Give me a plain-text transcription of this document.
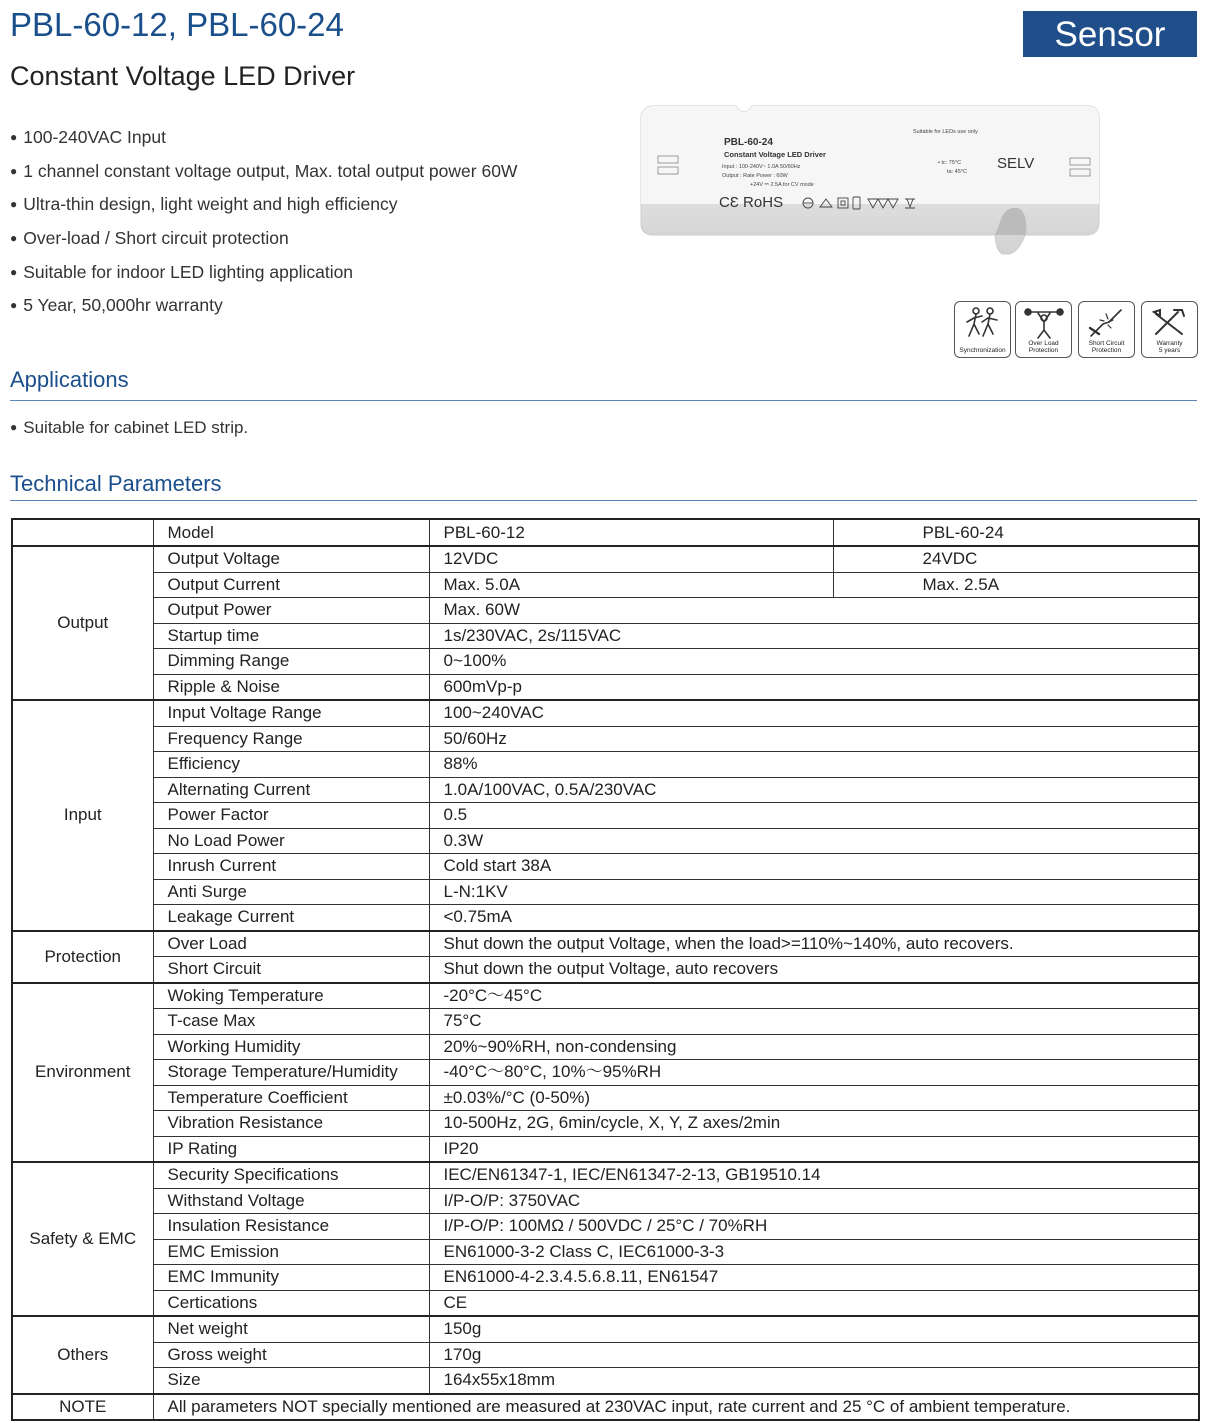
PBL-60-12, PBL-60-24
Constant Voltage LED Driver
Sensor
● 100-240VAC Input
● 1 channel constant voltage output, Max. total output power 60W
● Ultra-thin design, light weight and high efficiency
● Over-load / Short circuit protection
● Suitable for indoor LED lighting application
● 5 Year, 50,000hr warranty
PBL-60-24
Constant Voltage LED Driver
Input : 100-240V~ 1.0A 50/60Hz
Output : Rate Power : 60W
+24V ⎓ 2.5A for CV mode
Suitable for LEDs use only
• tc: 75°C
ta: 45°C SELV
CƐ RoHS
Synchronization
Over Load
Protection
Short Circuit
Protection
Warranty
5 years
Applications
● Suitable for cabinet LED strip.
Technical Parameters
	Model	PBL-60-12	PBL-60-24
Output	Output Voltage	12VDC	24VDC
	Output Current	Max. 5.0A	Max. 2.5A
	Output Power	Max. 60W	
	Startup time	1s/230VAC, 2s/115VAC	
	Dimming Range	0~100%	
	Ripple & Noise	600mVp-p	
Input	Input Voltage Range	100~240VAC	
	Frequency Range	50/60Hz	
	Efficiency	88%	
	Alternating Current	1.0A/100VAC, 0.5A/230VAC	
	Power Factor	0.5	
	No Load Power	0.3W	
	Inrush Current	Cold start 38A	
	Anti Surge	L-N:1KV	
	Leakage Current	<0.75mA	
Protection	Over Load	Shut down the output Voltage, when the load>=110%~140%, auto recovers.	
	Short Circuit	Shut down the output Voltage, auto recovers	
Environment	Woking Temperature	-20°C～45°C	
	T-case Max	75°C	
	Working Humidity	20%~90%RH, non-condensing	
	Storage Temperature/Humidity	-40°C～80°C, 10%～95%RH	
	Temperature Coefficient	±0.03%/°C (0-50%)	
	Vibration Resistance	10-500Hz, 2G, 6min/cycle, X, Y, Z axes/2min	
	IP Rating	IP20	
Safety & EMC	Security Specifications	IEC/EN61347-1, IEC/EN61347-2-13, GB19510.14	
	Withstand Voltage	I/P-O/P: 3750VAC	
	Insulation Resistance	I/P-O/P: 100MΩ / 500VDC / 25°C / 70%RH	
	EMC Emission	EN61000-3-2 Class C, IEC61000-3-3	
	EMC Immunity	EN61000-4-2.3.4.5.6.8.11, EN61547	
	Certications	CE	
Others	Net weight	150g	
	Gross weight	170g	
	Size	164x55x18mm	
NOTE	All parameters NOT specially mentioned are measured at 230VAC input, rate current and 25 °C of ambient temperature.		
